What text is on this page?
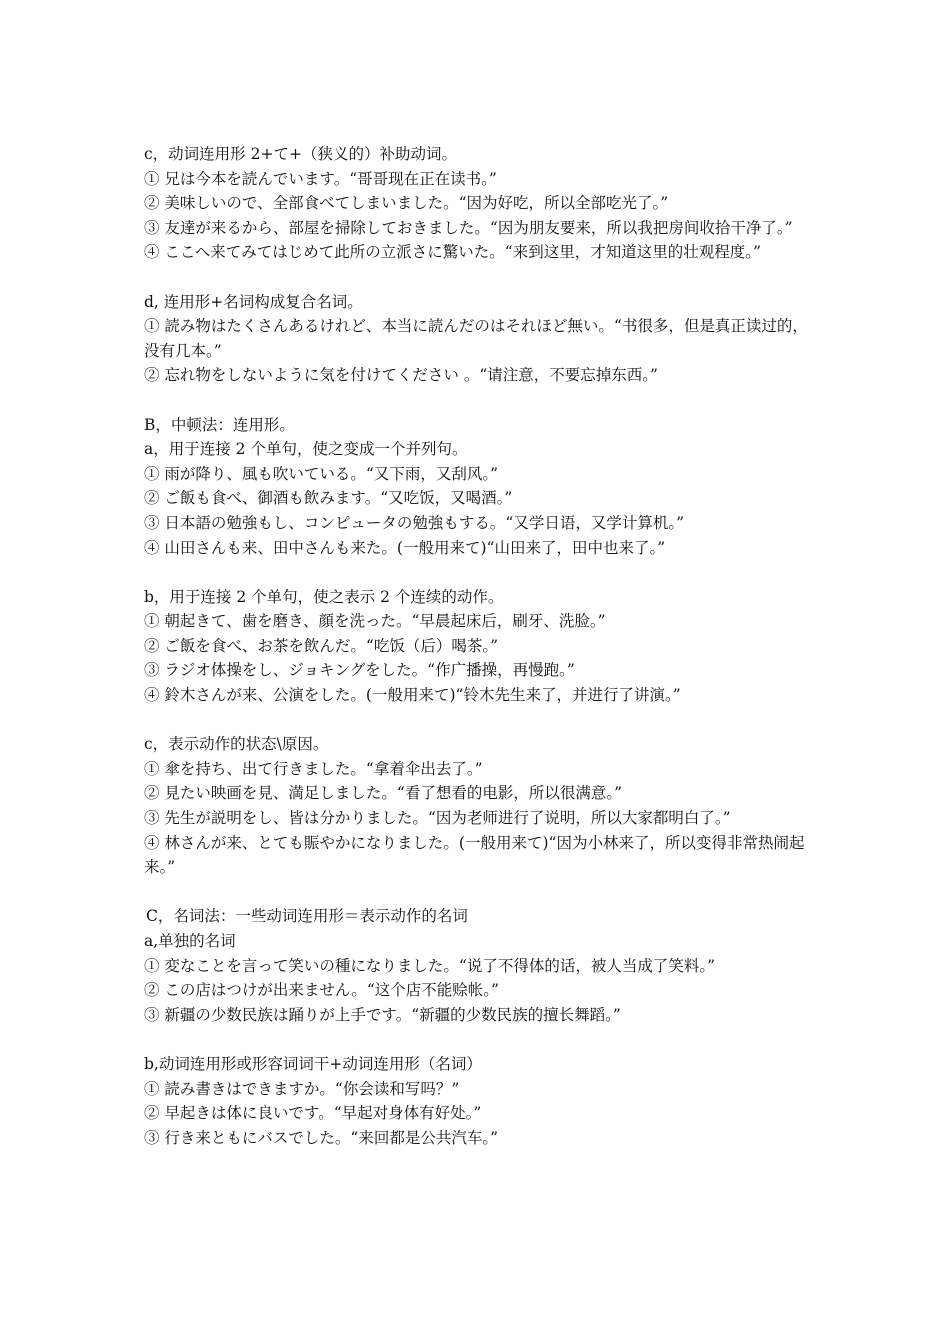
c，动词连用形 2+て+（狭义的）补助动词。

① 兄は今本を読んでいます。“哥哥现在正在读书。”

② 美味しいので、全部食べてしまいました。“因为好吃，所以全部吃光了。”

③ 友達が来るから、部屋を掃除しておきました。“因为朋友要来，所以我把房间收拾干净了。”

④ ここへ来てみてはじめて此所の立派さに驚いた。“来到这里，才知道这里的壮观程度。”

d, 连用形+名词构成复合名词。

① 読み物はたくさんあるけれど、本当に読んだのはそれほど無い。“书很多，但是真正读过的，没有几本。”

② 忘れ物をしないように気を付けてください 。“请注意，不要忘掉东西。”

B，中顿法：连用形。

a，用于连接 2 个单句，使之变成一个并列句。

① 雨が降り、風も吹いている。“又下雨，又刮风。”

② ご飯も食べ、御酒も飲みます。“又吃饭，又喝酒。”

③ 日本語の勉強もし、コンピュータの勉強もする。“又学日语，又学计算机。”

④ 山田さんも来、田中さんも来た。(一般用来て)“山田来了，田中也来了。”

b，用于连接 2 个单句，使之表示 2 个连续的动作。

① 朝起きて、歯を磨き、顔を洗った。“早晨起床后，刷牙、洗脸。”

② ご飯を食べ、お茶を飲んだ。“吃饭（后）喝茶。”

③ ラジオ体操をし、ジョキングをした。“作广播操，再慢跑。”

④ 鈴木さんが来、公演をした。(一般用来て)“铃木先生来了，并进行了讲演。”

c，表示动作的状态\原因。

① 傘を持ち、出て行きました。“拿着伞出去了。”

② 見たい映画を見、満足しました。“看了想看的电影，所以很满意。”

③ 先生が説明をし、皆は分かりました。“因为老师进行了说明，所以大家都明白了。”

④ 林さんが来、とても賑やかになりました。(一般用来て)“因为小林来了，所以变得非常热闹起来。”

C，名词法：一些动词连用形＝表示动作的名词

a,单独的名词

① 変なことを言って笑いの種になりました。“说了不得体的话，被人当成了笑料。”

② この店はつけが出来ません。“这个店不能赊帐。”

③ 新疆の少数民族は踊りが上手です。“新疆的少数民族的擅长舞蹈。”

b,动词连用形或形容词词干+动词连用形（名词）

① 読み書きはできますか。“你会读和写吗？”

② 早起きは体に良いです。“早起对身体有好处。”

③ 行き来ともにバスでした。“来回都是公共汽车。”
